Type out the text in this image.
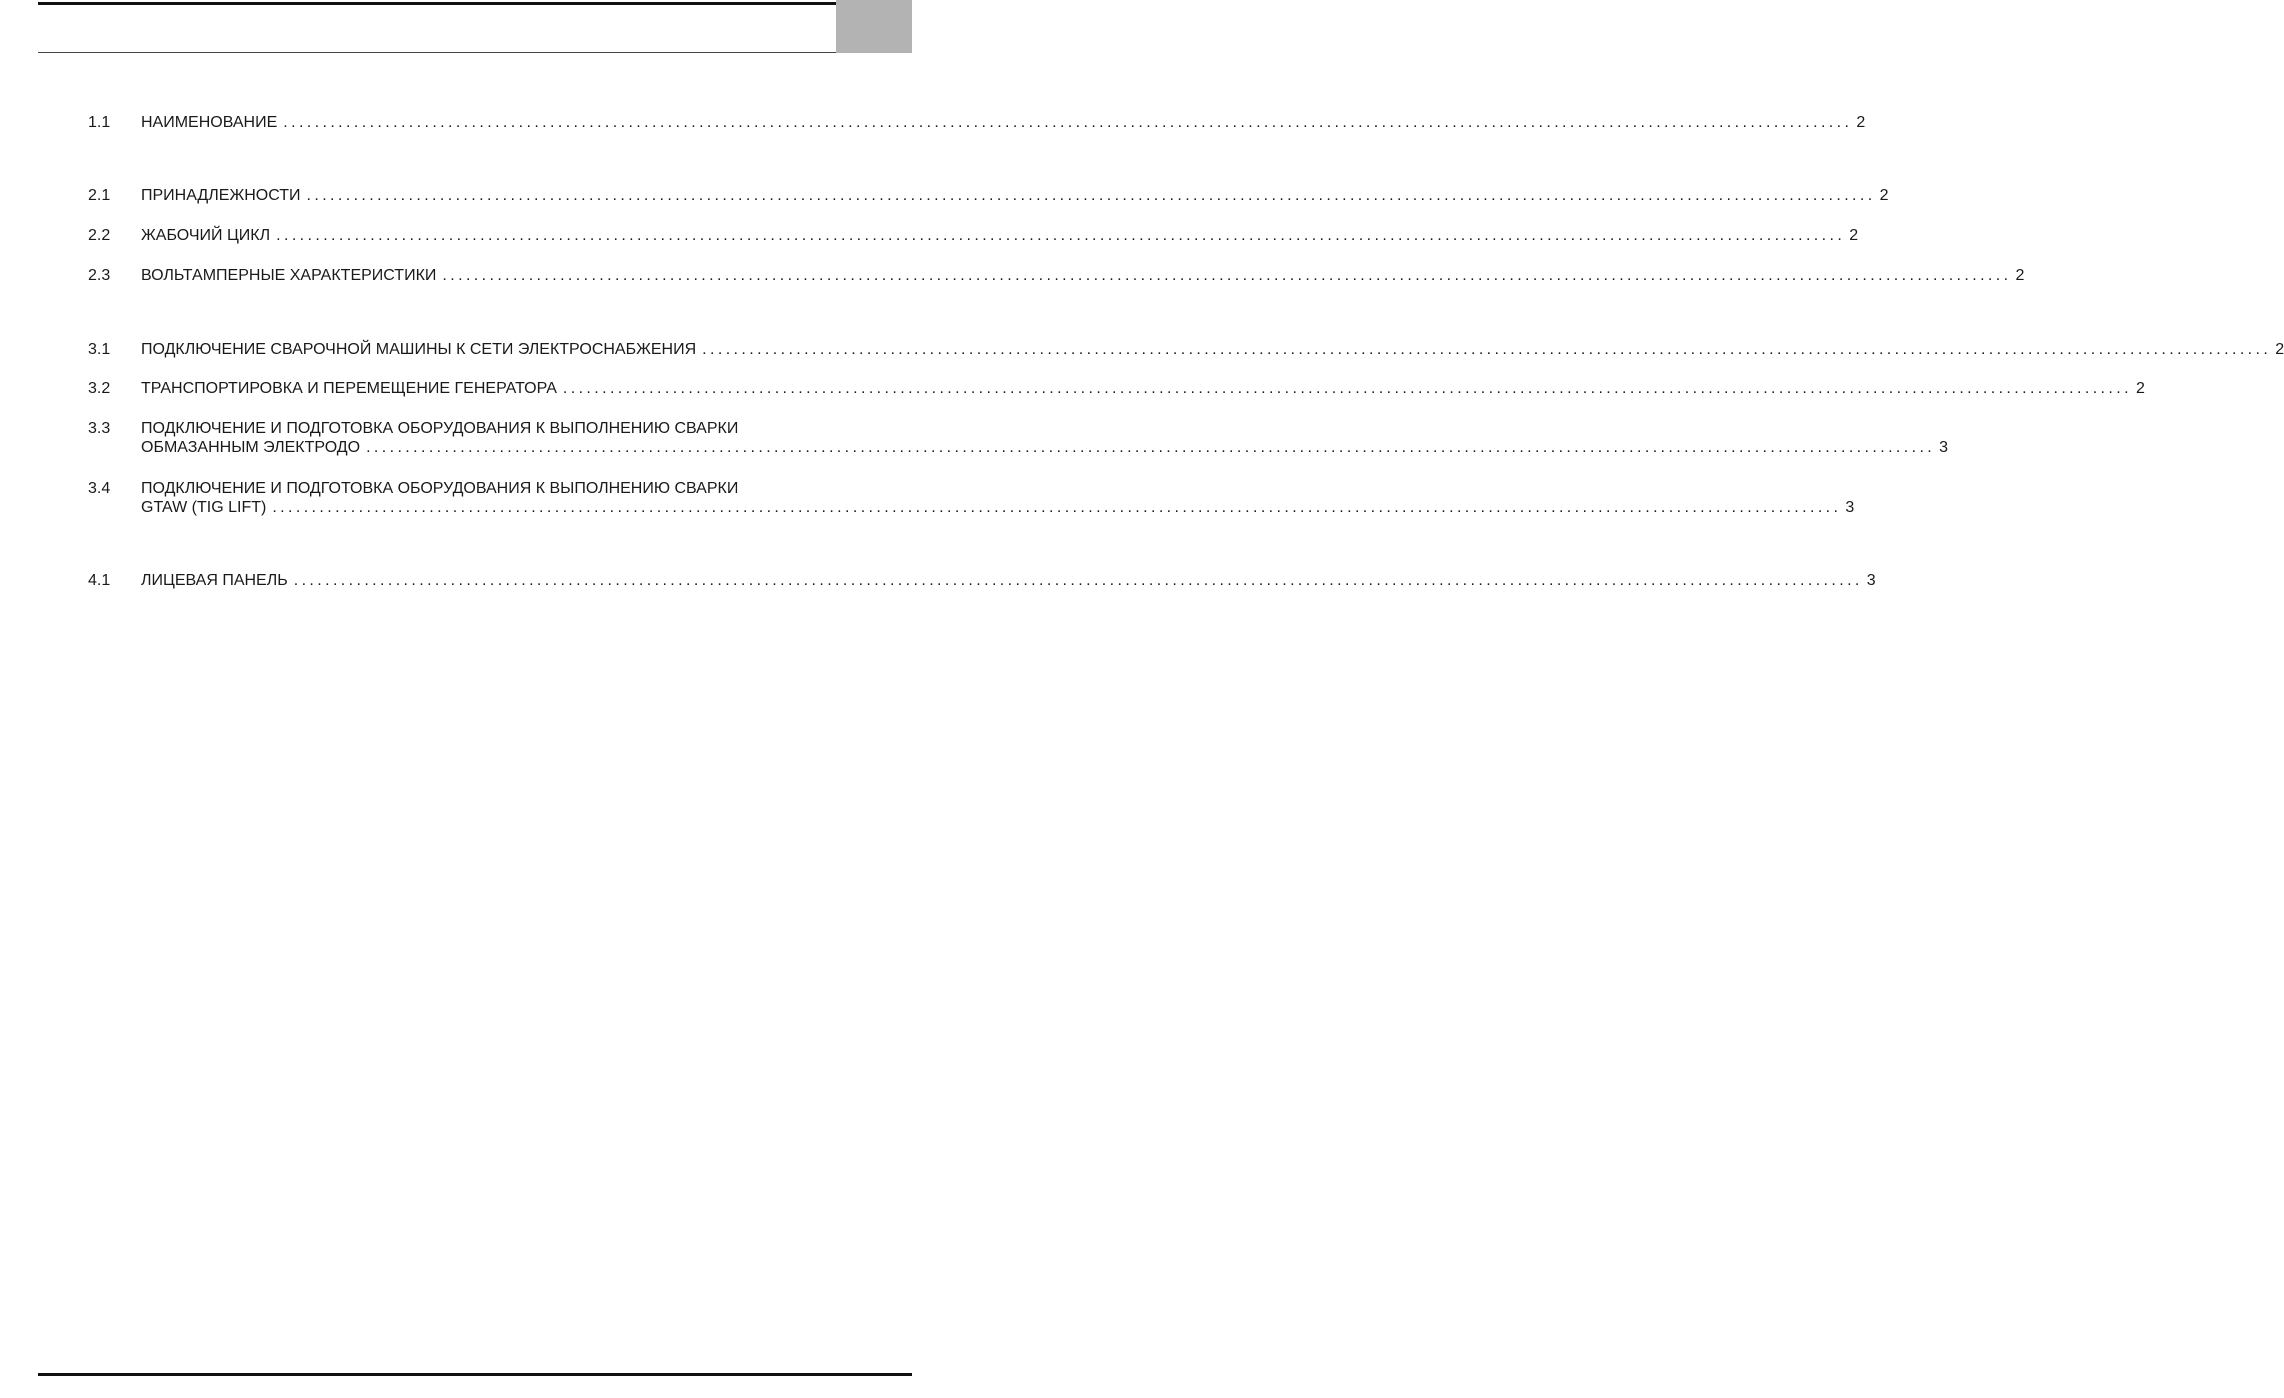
1.1	НАИМЕНОВАНИЕ ........................................................................................................................................................................................................ 2
2.1	ПРИНАДЛЕЖНОСТИ ........................................................................................................................................................................................................ 2
2.2	ЖАБОЧИЙ ЦИКЛ ........................................................................................................................................................................................................ 2
2.3	ВОЛЬТАМПЕРНЫЕ ХАРАКТЕРИСТИКИ ........................................................................................................................................................................................................ 2
3.1	ПОДКЛЮЧЕНИЕ СВАРОЧНОЙ МАШИНЫ К СЕТИ ЭЛЕКТРОСНАБЖЕНИЯ ........................................................................................................................................................................................................ 2
3.2	ТРАНСПОРТИРОВКА И ПЕРЕМЕЩЕНИЕ ГЕНЕРАТОРА ........................................................................................................................................................................................................ 2
3.3	ПОДКЛЮЧЕНИЕ И ПОДГОТОВКА ОБОРУДОВАНИЯ К ВЫПОЛНЕНИЮ СВАРКИ
ОБМАЗАННЫМ ЭЛЕКТРОДО ........................................................................................................................................................................................................ 3
3.4	ПОДКЛЮЧЕНИЕ И ПОДГОТОВКА ОБОРУДОВАНИЯ К ВЫПОЛНЕНИЮ СВАРКИ
GTAW (TIG LIFT) ........................................................................................................................................................................................................ 3
4.1	ЛИЦЕВАЯ ПАНЕЛЬ ........................................................................................................................................................................................................ 3
